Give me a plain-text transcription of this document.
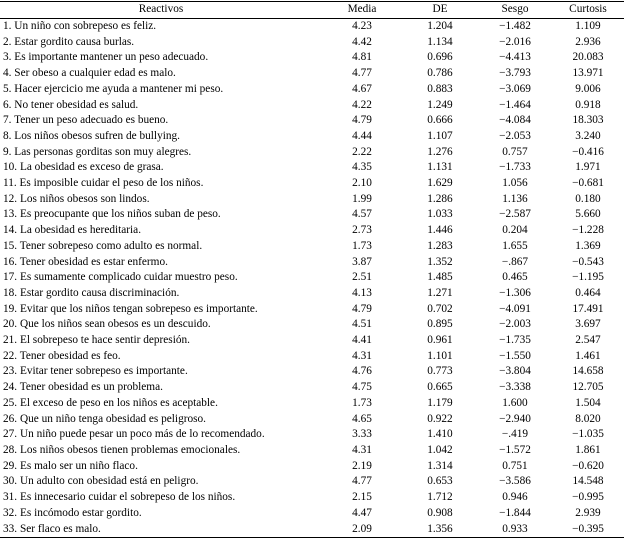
Reactivos	Media	DE	Sesgo	Curtosis
1. Un niño con sobrepeso es feliz.	4.23	1.204	−1.482	1.109
2. Estar gordito causa burlas.	4.42	1.134	−2.016	2.936
3. Es importante mantener un peso adecuado.	4.81	0.696	−4.413	20.083
4. Ser obeso a cualquier edad es malo.	4.77	0.786	−3.793	13.971
5. Hacer ejercicio me ayuda a mantener mi peso.	4.67	0.883	−3.069	9.006
6. No tener obesidad es salud.	4.22	1.249	−1.464	0.918
7. Tener un peso adecuado es bueno.	4.79	0.666	−4.084	18.303
8. Los niños obesos sufren de bullying.	4.44	1.107	−2.053	3.240
9. Las personas gorditas son muy alegres.	2.22	1.276	0.757	−0.416
10. La obesidad es exceso de grasa.	4.35	1.131	−1.733	1.971
11. Es imposible cuidar el peso de los niños.	2.10	1.629	1.056	−0.681
12. Los niños obesos son lindos.	1.99	1.286	1.136	0.180
13. Es preocupante que los niños suban de peso.	4.57	1.033	−2.587	5.660
14. La obesidad es hereditaria.	2.73	1.446	0.204	−1.228
15. Tener sobrepeso como adulto es normal.	1.73	1.283	1.655	1.369
16. Tener obesidad es estar enfermo.	3.87	1.352	−.867	−0.543
17. Es sumamente complicado cuidar muestro peso.	2.51	1.485	0.465	−1.195
18. Estar gordito causa discriminación.	4.13	1.271	−1.306	0.464
19. Evitar que los niños tengan sobrepeso es importante.	4.79	0.702	−4.091	17.491
20. Que los niños sean obesos es un descuido.	4.51	0.895	−2.003	3.697
21. El sobrepeso te hace sentir depresión.	4.41	0.961	−1.735	2.547
22. Tener obesidad es feo.	4.31	1.101	−1.550	1.461
23. Evitar tener sobrepeso es importante.	4.76	0.773	−3.804	14.658
24. Tener obesidad es un problema.	4.75	0.665	−3.338	12.705
25. El exceso de peso en los niños es aceptable.	1.73	1.179	1.600	1.504
26. Que un niño tenga obesidad es peligroso.	4.65	0.922	−2.940	8.020
27. Un niño puede pesar un poco más de lo recomendado.	3.33	1.410	−.419	−1.035
28. Los niños obesos tienen problemas emocionales.	4.31	1.042	−1.572	1.861
29. Es malo ser un niño flaco.	2.19	1.314	0.751	−0.620
30. Un adulto con obesidad está en peligro.	4.77	0.653	−3.586	14.548
31. Es innecesario cuidar el sobrepeso de los niños.	2.15	1.712	0.946	−0.995
32. Es incómodo estar gordito.	4.47	0.908	−1.844	2.939
33. Ser flaco es malo.	2.09	1.356	0.933	−0.395
